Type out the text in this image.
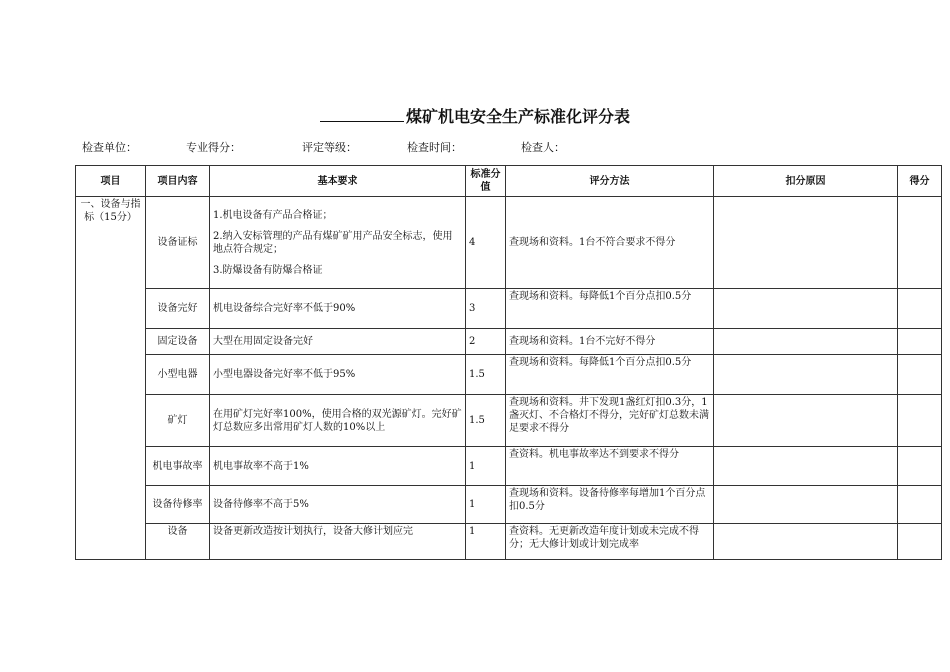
煤矿机电安全生产标准化评分表
检查单位：	专业得分：	评定等级：	检查时间：	检查人：
项目	项目内容	基本要求	标准分值	评分方法	扣分原因	得分
一、设备与指标（15分）	设备证标	1.机电设备有产品合格证；

2.纳入安标管理的产品有煤矿矿用产品安全标志，使用地点符合规定；

3.防爆设备有防爆合格证	4	查现场和资料。1台不符合要求不得分		
	设备完好	机电设备综合完好率不低于90%	3	查现场和资料。每降低1个百分点扣0.5分		
	固定设备	大型在用固定设备完好	2	查现场和资料。1台不完好不得分		
	小型电器	小型电器设备完好率不低于95%	1.5	查现场和资料。每降低1个百分点扣0.5分		
	矿灯	在用矿灯完好率100%，使用合格的双光源矿灯。完好矿灯总数应多出常用矿灯人数的10%以上	1.5	查现场和资料。井下发现1盏红灯扣0.3分，1盏灭灯、不合格灯不得分，完好矿灯总数未满足要求不得分		
	机电事故率	机电事故率不高于1%	1	查资料。机电事故率达不到要求不得分		
	设备待修率	设备待修率不高于5%	1	查现场和资料。设备待修率每增加1个百分点扣0.5分		
	设备	设备更新改造按计划执行，设备大修计划应完	1	查资料。无更新改造年度计划或未完成不得分；无大修计划或计划完成率		
